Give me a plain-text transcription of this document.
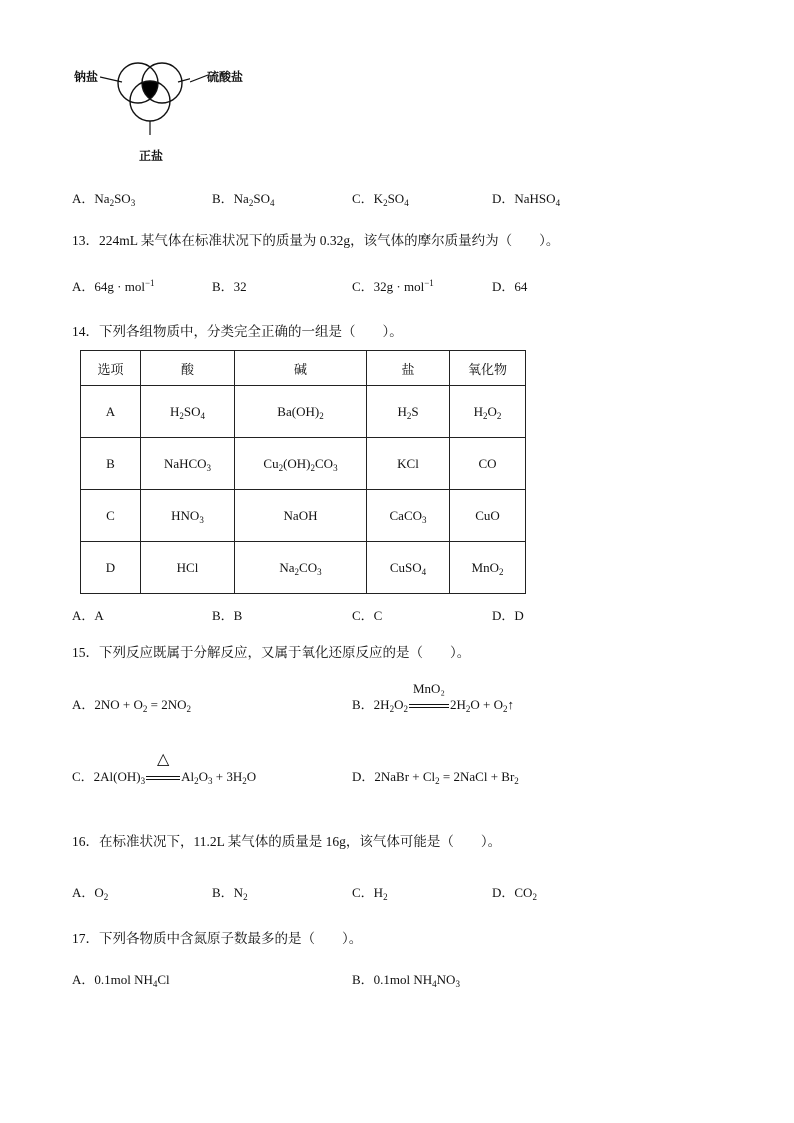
钠盐	硫酸盐
正盐
A．$Na_2SO_3$	B．$Na_2SO_4$	C．$K_2SO_4$	D．NaHSO$_4$
13．224mL 某气体在标准状况下的质量为 0.32g，该气体的摩尔质量约为（　　）。
A．64g · mol$^{-1}$	B．32	C．32g · mol$^{-1}$	D．64
14．下列各组物质中，分类完全正确的一组是（　　）。
选项	酸	碱	盐	氧化物
A	$H_2SO_4$	$Ba(OH)_2$	$H_2S$	$H_2O_2$
B	NaHCO$_3$	$Cu_2(OH)_2CO_3$	KCl	CO
C	$HNO_3$	NaOH	CaCO$_3$	CuO
D	HCl	$Na_2CO_3$	CuSO$_4$	MnO$_2$
A．A	B．B	C．C	D．D
15．下列反应既属于分解反应，又属于氧化还原反应的是（　　）。
A．$2NO + O_2 = 2NO_2$	B．$2H_2O_2$
MnO₂
$2H_2O$ + $O_2↑$
C．$2Al(OH)_3$
△
$Al_2O_3 + 3H_2O$	D．2NaBr + $Cl_2$ = 2NaCl + $Br_2$
16．在标准状况下，11.2L 某气体的质量是 16g，该气体可能是（　　）。
A．$O_2$	B．$N_2$	C．$H_2$	D．$CO_2$
17．下列各物质中含氮原子数最多的是（　　）。
A．0.1mol $NH_4Cl$	B．0.1mol $NH_4NO_3$
